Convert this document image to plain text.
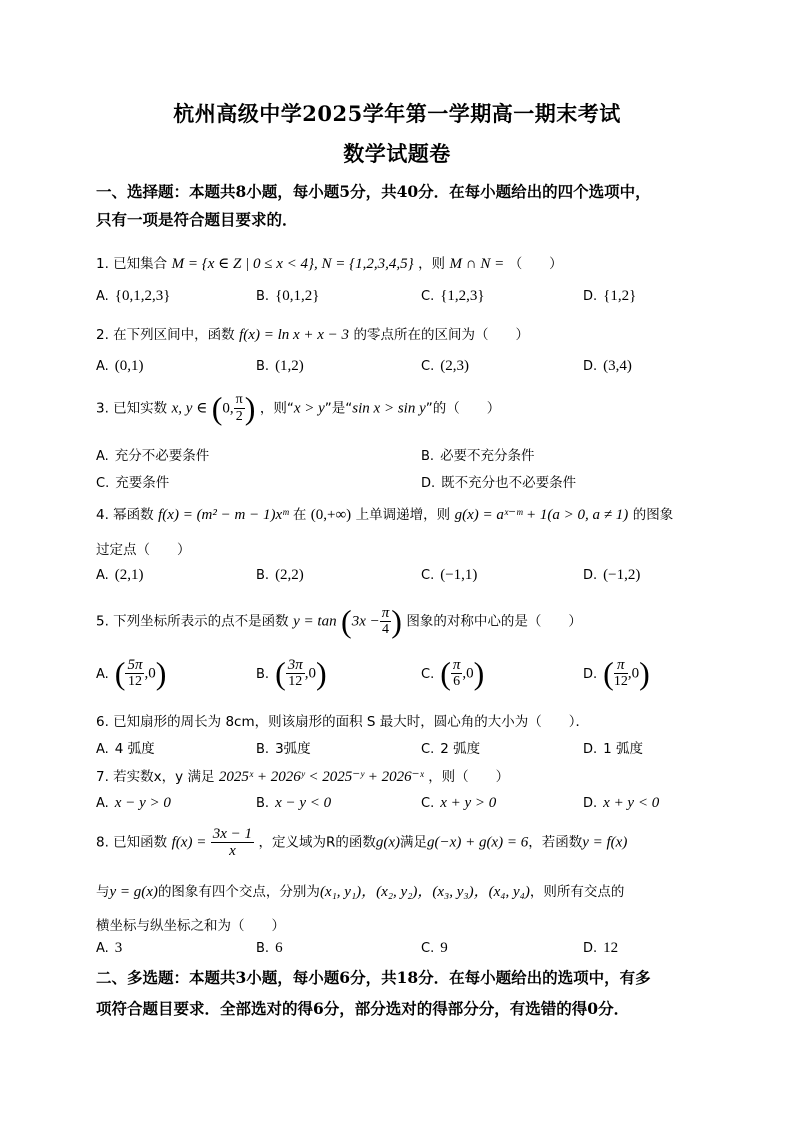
杭州高级中学2025学年第一学期高一期末考试
数学试题卷
一、选择题：本题共8小题，每小题5分，共40分．在每小题给出的四个选项中，
只有一项是符合题目要求的．
1. 已知集合 M = {x ∈ Z | 0 ≤ x < 4}, N = {1,2,3,4,5} ，则 M ∩ N = （　　）
A. {0,1,2,3}	B. {0,1,2}	C. {1,2,3}	D. {1,2}
2. 在下列区间中，函数 f(x) = ln x + x − 3 的零点所在的区间为（　　）
A. (0,1)	B. (1,2)	C. (2,3)	D. (3,4)
3. 已知实数 x, y ∈ (0, $\frac{\pi}{2}$ ) ，则“x > y”是“sin x > sin y”的（　　）
A. 充分不必要条件	B. 必要不充分条件
C. 充要条件	D. 既不充分也不必要条件
4. 幂函数 f(x) = (m² − m − 1)xᵐ 在 (0,+∞) 上单调递增，则 g(x) = aˣ⁻ᵐ + 1(a > 0, a ≠ 1) 的图象
过定点（　　）
A. (2,1)	B. (2,2)	C. (−1,1)	D. (−1,2)
5. 下列坐标所表示的点不是函数 $y = \tan (3x - \frac{\pi}{4}$ ) 图象的对称中心的是（　　）
A. ( $\frac{5\pi}{12} ,0$)	B. ( $\frac{3\pi}{12} ,0$)	C. ( $\frac{\pi}{6} ,0$)	D. ( $\frac{\pi}{12} ,0$)
6. 已知扇形的周长为 8cm，则该扇形的面积 S 最大时，圆心角的大小为（　　）．
A. 4 弧度	B. 3弧度	C. 2 弧度	D. 1 弧度
7. 若实数x，y 满足 2025ˣ + 2026ʸ < 2025⁻ʸ + 2026⁻ˣ ，则（　　）
A. x − y > 0	B. x − y < 0	C. x + y > 0	D. x + y < 0
8. 已知函数 $f(x) = \frac{3x - 1}{x}$ ，定义域为R的函数g(x)满足g(−x) + g(x) = 6，若函数y = f(x)
与y = g(x)的图象有四个交点，分别为(x₁, y₁)，(x₂, y₂)，(x₃, y₃)，(x₄, y₄)，则所有交点的
横坐标与纵坐标之和为（　　）
A. 3	B. 6	C. 9	D. 12
二、多选题：本题共3小题，每小题6分，共18分．在每小题给出的选项中，有多
项符合题目要求．全部选对的得6分，部分选对的得部分分，有选错的得0分．
